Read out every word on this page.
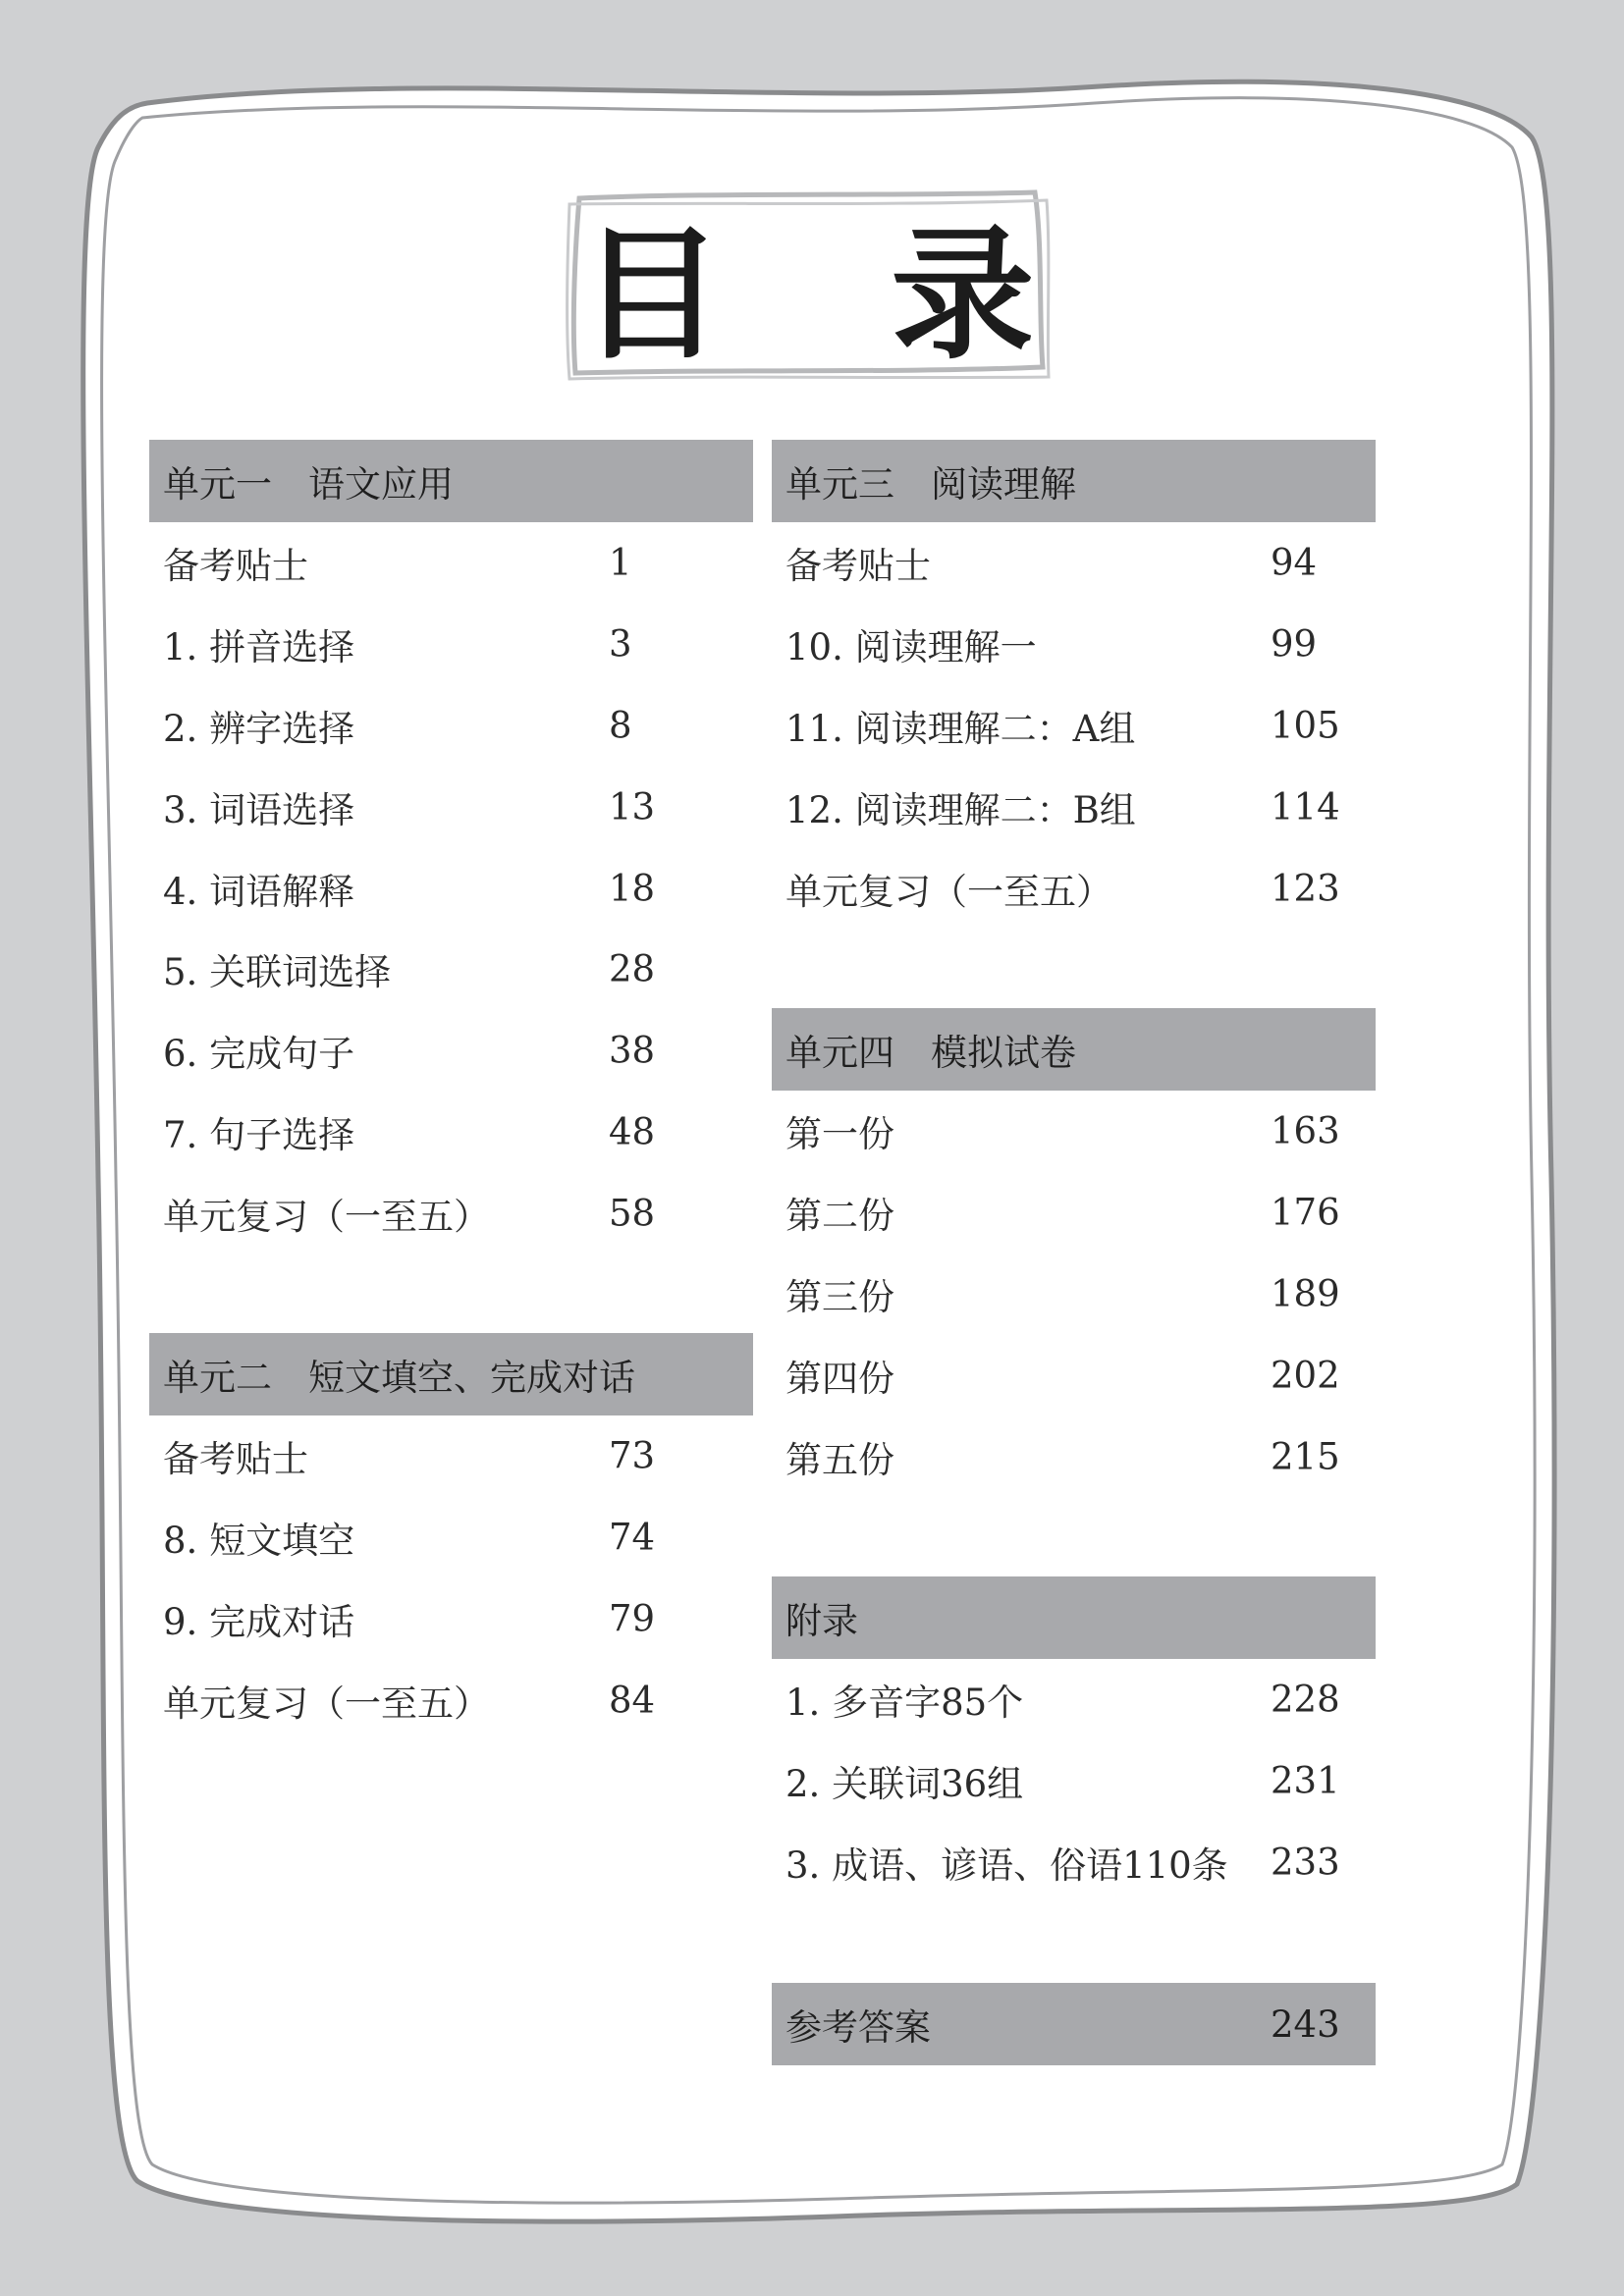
目 录
单元一　语文应用
备考贴士	1
1. 拼音选择	3
2. 辨字选择	8
3. 词语选择	13
4. 词语解释	18
5. 关联词选择	28
6. 完成句子	38
7. 句子选择	48
单元复习（一至五）	58
单元二　短文填空、完成对话
备考贴士	73
8. 短文填空	74
9. 完成对话	79
单元复习（一至五）	84
单元三　阅读理解
备考贴士	94
10. 阅读理解一	99
11. 阅读理解二：A组	105
12. 阅读理解二：B组	114
单元复习（一至五）	123
单元四　模拟试卷
第一份	163
第二份	176
第三份	189
第四份	202
第五份	215
附录
1. 多音字85个	228
2. 关联词36组	231
3. 成语、谚语、俗语110条 233
参考答案	243
